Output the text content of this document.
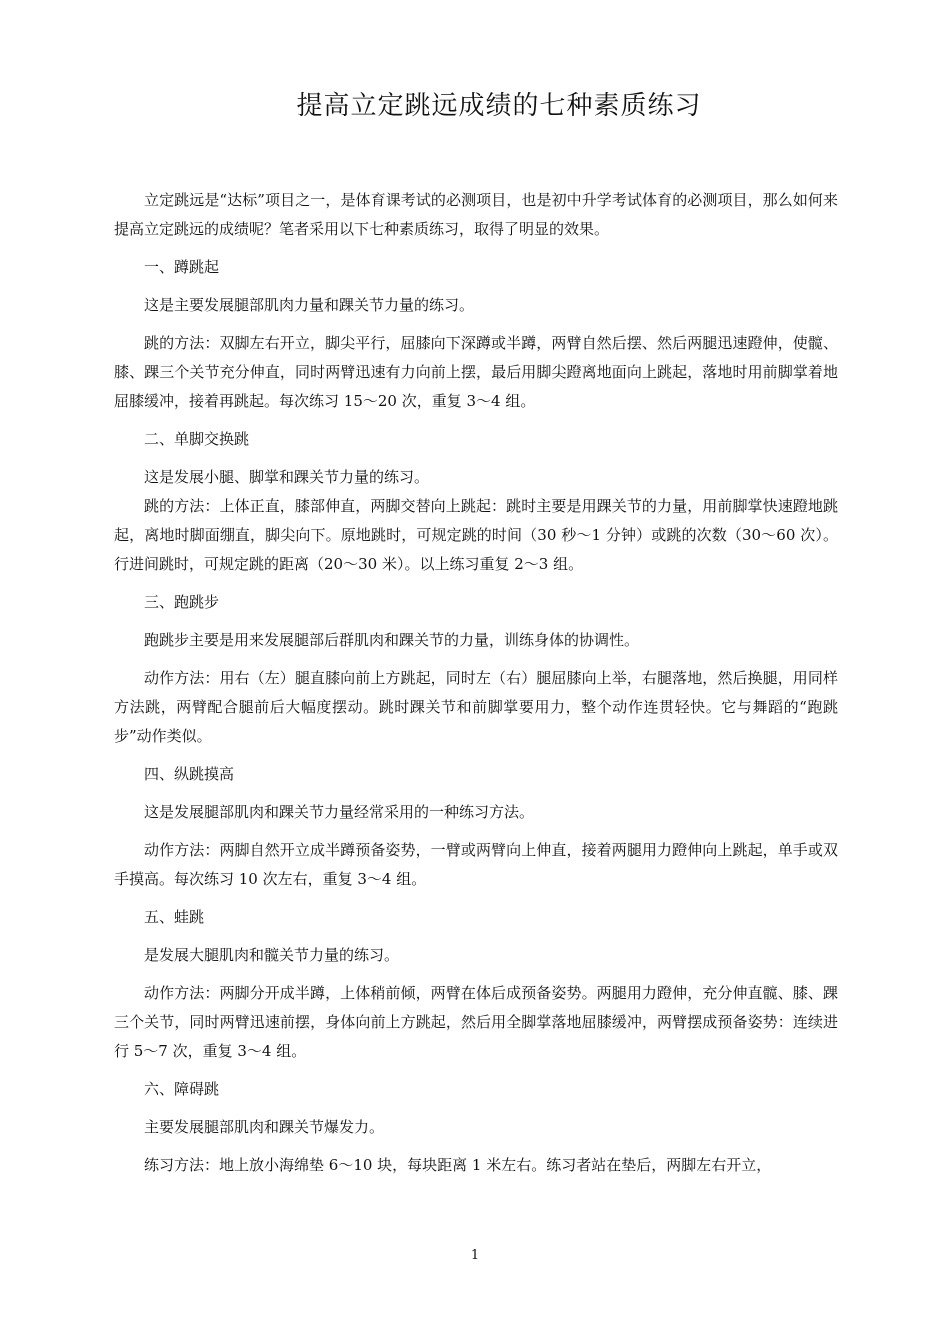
提高立定跳远成绩的七种素质练习

立定跳远是“达标”项目之一，是体育课考试的必测项目，也是初中升学考试体育的必测项目，那么如何来提高立定跳远的成绩呢？笔者采用以下七种素质练习，取得了明显的效果。

一、蹲跳起

这是主要发展腿部肌肉力量和踝关节力量的练习。

跳的方法：双脚左右开立，脚尖平行，屈膝向下深蹲或半蹲，两臂自然后摆、然后两腿迅速蹬伸，使髋、膝、踝三个关节充分伸直，同时两臂迅速有力向前上摆，最后用脚尖蹬离地面向上跳起，落地时用前脚掌着地屈膝缓冲，接着再跳起。每次练习 15～20 次，重复 3～4 组。

二、单脚交换跳

这是发展小腿、脚掌和踝关节力量的练习。

跳的方法：上体正直，膝部伸直，两脚交替向上跳起：跳时主要是用踝关节的力量，用前脚掌快速蹬地跳起，离地时脚面绷直，脚尖向下。原地跳时，可规定跳的时间（30 秒～1 分钟）或跳的次数（30～60 次）。行进间跳时，可规定跳的距离（20～30 米）。以上练习重复 2～3 组。

三、跑跳步

跑跳步主要是用来发展腿部后群肌肉和踝关节的力量，训练身体的协调性。

动作方法：用右（左）腿直膝向前上方跳起，同时左（右）腿屈膝向上举，右腿落地，然后换腿，用同样方法跳，两臂配合腿前后大幅度摆动。跳时踝关节和前脚掌要用力，整个动作连贯轻快。它与舞蹈的“跑跳步”动作类似。

四、纵跳摸高

这是发展腿部肌肉和踝关节力量经常采用的一种练习方法。

动作方法：两脚自然开立成半蹲预备姿势，一臂或两臂向上伸直，接着两腿用力蹬伸向上跳起，单手或双手摸高。每次练习 10 次左右，重复 3～4 组。

五、蛙跳

是发展大腿肌肉和髋关节力量的练习。

动作方法：两脚分开成半蹲，上体稍前倾，两臂在体后成预备姿势。两腿用力蹬伸，充分伸直髋、膝、踝三个关节，同时两臂迅速前摆，身体向前上方跳起，然后用全脚掌落地屈膝缓冲，两臂摆成预备姿势：连续进行 5～7 次，重复 3～4 组。

六、障碍跳

主要发展腿部肌肉和踝关节爆发力。

练习方法：地上放小海绵垫 6～10 块，每块距离 1 米左右。练习者站在垫后，两脚左右开立，

1
